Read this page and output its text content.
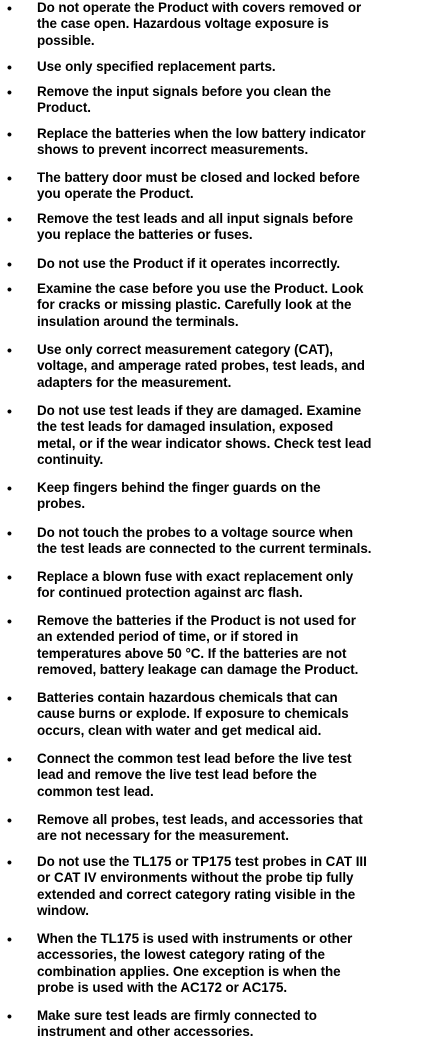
• Do not operate the Product with covers removed or
the case open. Hazardous voltage exposure is
possible.
• Use only specified replacement parts.
• Remove the input signals before you clean the
Product.
• Replace the batteries when the low battery indicator
shows to prevent incorrect measurements.
• The battery door must be closed and locked before
you operate the Product.
• Remove the test leads and all input signals before
you replace the batteries or fuses.
• Do not use the Product if it operates incorrectly.
• Examine the case before you use the Product. Look
for cracks or missing plastic. Carefully look at the
insulation around the terminals.
• Use only correct measurement category (CAT),
voltage, and amperage rated probes, test leads, and
adapters for the measurement.
• Do not use test leads if they are damaged. Examine
the test leads for damaged insulation, exposed
metal, or if the wear indicator shows. Check test lead
continuity.
• Keep fingers behind the finger guards on the
probes.
• Do not touch the probes to a voltage source when
the test leads are connected to the current terminals.
• Replace a blown fuse with exact replacement only
for continued protection against arc flash.
• Remove the batteries if the Product is not used for
an extended period of time, or if stored in
temperatures above 50 °C. If the batteries are not
removed, battery leakage can damage the Product.
• Batteries contain hazardous chemicals that can
cause burns or explode. If exposure to chemicals
occurs, clean with water and get medical aid.
• Connect the common test lead before the live test
lead and remove the live test lead before the
common test lead.
• Remove all probes, test leads, and accessories that
are not necessary for the measurement.
• Do not use the TL175 or TP175 test probes in CAT III
or CAT IV environments without the probe tip fully
extended and correct category rating visible in the
window.
• When the TL175 is used with instruments or other
accessories, the lowest category rating of the
combination applies. One exception is when the
probe is used with the AC172 or AC175.
• Make sure test leads are firmly connected to
instrument and other accessories.
